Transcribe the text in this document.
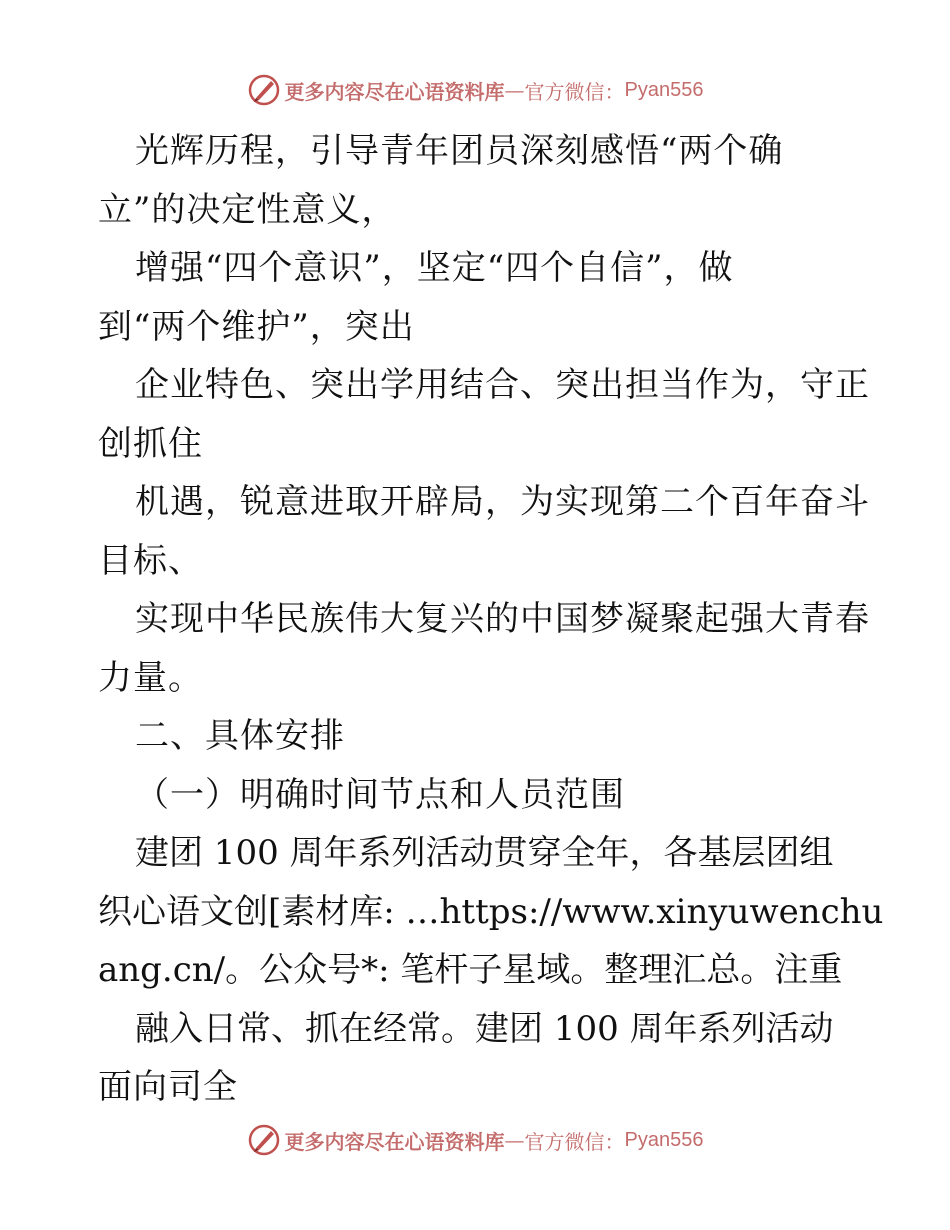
更多内容尽在心语资料库 — 官方微信： Pyan556
光辉历程，引导青年团员深刻感悟“两个确
立”的决定性意义，
增强“四个意识”，坚定“四个自信”，做
到“两个维护”，突出
企业特色、突出学用结合、突出担当作为，守正
创抓住
机遇，锐意进取开辟局，为实现第二个百年奋斗
目标、
实现中华民族伟大复兴的中国梦凝聚起强大青春
力量。
二、具体安排
（一）明确时间节点和人员范围
建团 100 周年系列活动贯穿全年，各基层团组
织心语文创[素材库: …https://www.xinyuwenchu
ang.cn/。公众号*: 笔杆子星域。整理汇总。注重
融入日常、抓在经常。建团 100 周年系列活动
面向司全
更多内容尽在心语资料库 — 官方微信： Pyan556
